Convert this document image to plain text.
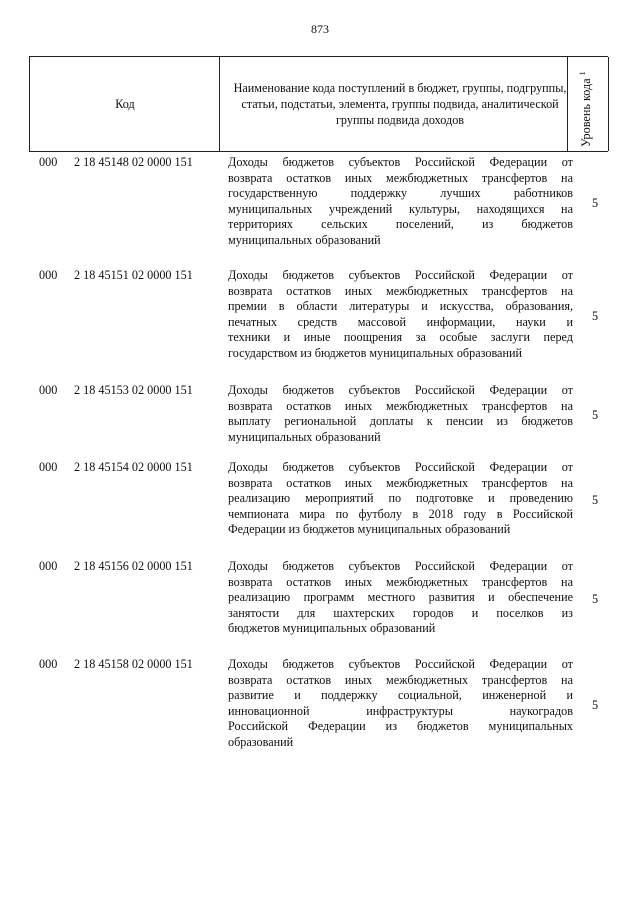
873
Код
Наименование кода поступлений в бюджет, группы, подгруппы, статьи, подстатьи, элемента, группы подвида, аналитической группы подвида доходов	Уровень кода $^1$
000 2 18 45148 02 0000 151	Доходы бюджетов субъектов Российской Федерации от
возврата остатков иных межбюджетных трансфертов на
государственную поддержку лучших работников
муниципальных учреждений культуры, находящихся на
территориях сельских поселений, из бюджетов
муниципальных образований
5
000 2 18 45151 02 0000 151	Доходы бюджетов субъектов Российской Федерации от
возврата остатков иных межбюджетных трансфертов на
премии в области литературы и искусства, образования,
печатных средств массовой информации, науки и
техники и иные поощрения за особые заслуги перед
государством из бюджетов муниципальных образований
5
000 2 18 45153 02 0000 151	Доходы бюджетов субъектов Российской Федерации от
возврата остатков иных межбюджетных трансфертов на
выплату региональной доплаты к пенсии из бюджетов
муниципальных образований
5
000 2 18 45154 02 0000 151	Доходы бюджетов субъектов Российской Федерации от
возврата остатков иных межбюджетных трансфертов на
реализацию мероприятий по подготовке и проведению
чемпионата мира по футболу в 2018 году в Российской
Федерации из бюджетов муниципальных образований
5
000 2 18 45156 02 0000 151	Доходы бюджетов субъектов Российской Федерации от
возврата остатков иных межбюджетных трансфертов на
реализацию программ местного развития и обеспечение
занятости для шахтерских городов и поселков из
бюджетов муниципальных образований
5
000 2 18 45158 02 0000 151	Доходы бюджетов субъектов Российской Федерации от
возврата остатков иных межбюджетных трансфертов на
развитие и поддержку социальной, инженерной и
инновационной инфраструктуры наукоградов
Российской Федерации из бюджетов муниципальных
образований
5
